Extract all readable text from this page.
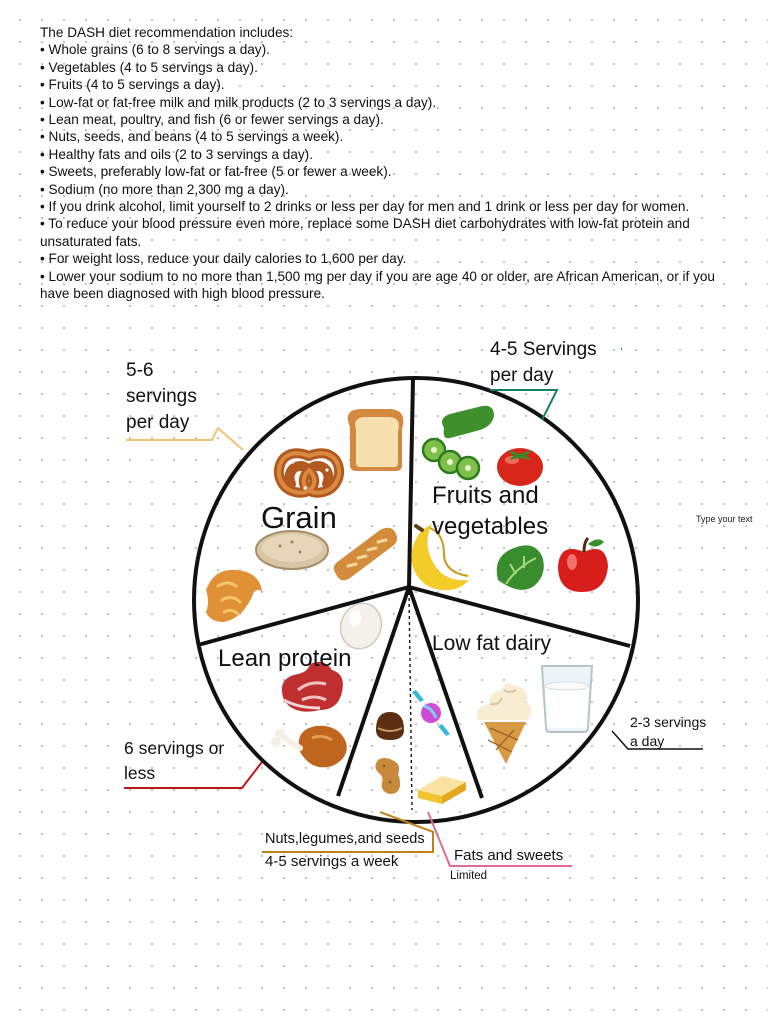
The DASH diet recommendation includes:
• Whole grains (6 to 8 servings a day).
• Vegetables (4 to 5 servings a day).
• Fruits (4 to 5 servings a day).
• Low-fat or fat-free milk and milk products (2 to 3 servings a day).
• Lean meat, poultry, and fish (6 or fewer servings a day).
• Nuts, seeds, and beans (4 to 5 servings a week).
• Healthy fats and oils (2 to 3 servings a day).
• Sweets, preferably low-fat or fat-free (5 or fewer a week).
• Sodium (no more than 2,300 mg a day).
• If you drink alcohol, limit yourself to 2 drinks or less per day for men and 1 drink or less per day for women.
• To reduce your blood pressure even more, replace some DASH diet carbohydrates with low-fat protein and unsaturated fats.
• For weight loss, reduce your daily calories to 1,600 per day.
• Lower your sodium to no more than 1,500 mg per day if you are age 40 or older, are African American, or if you have been diagnosed with high blood pressure.
Grain
Fruits and vegetables
Low fat dairy
Lean protein
5-6 servings per day
4-5 Servings per day
2-3 servings a day
6 servings or less
Nuts,legumes,and seeds
4-5 servings a week	Fats and sweets
Limited
Type your text
